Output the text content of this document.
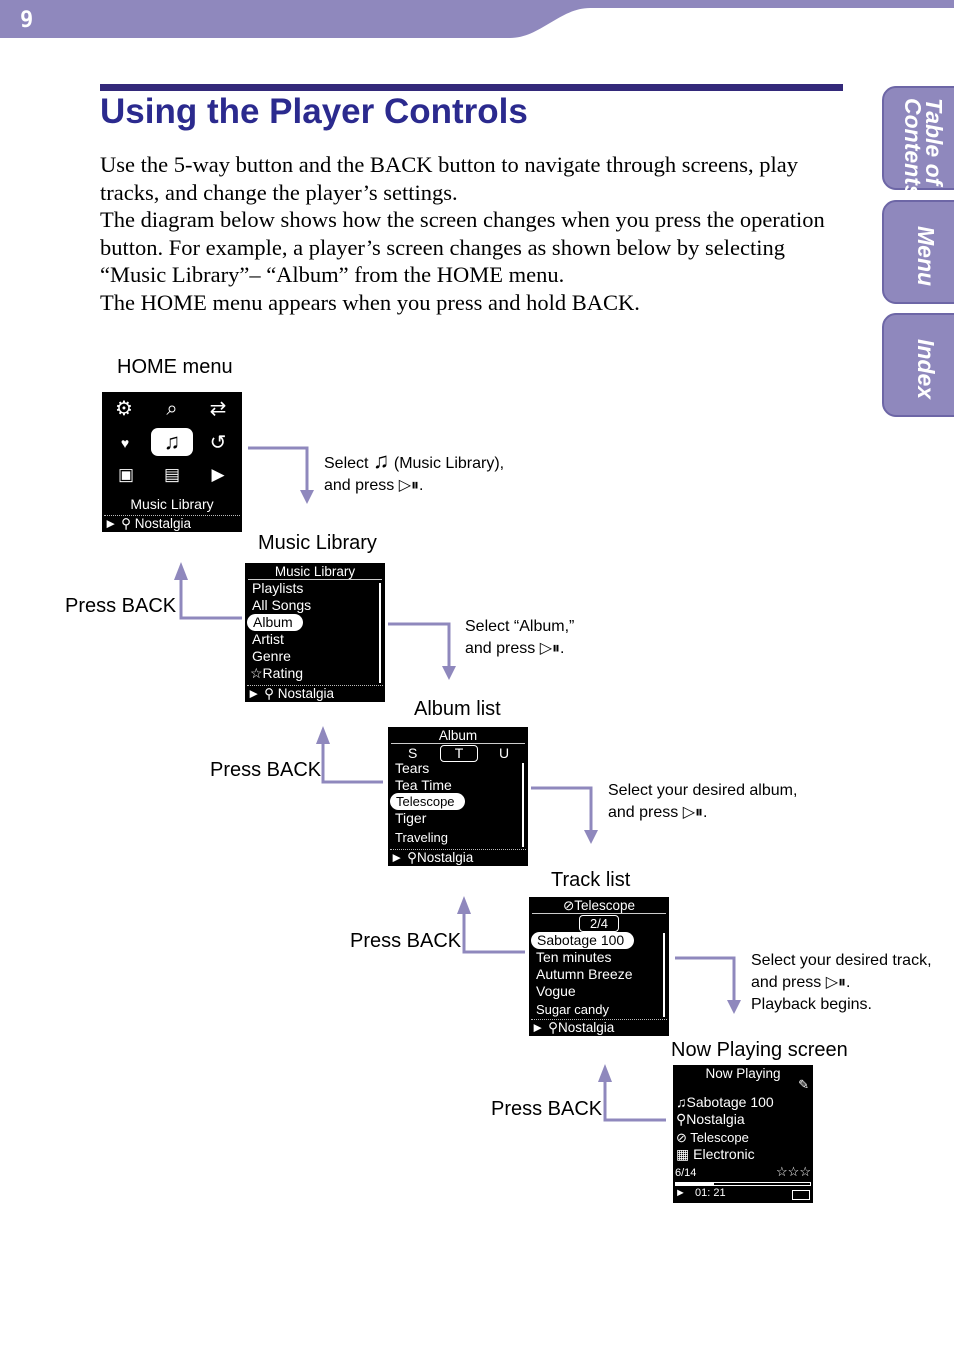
9
Using the Player Controls

Use the 5-way button and the BACK button to navigate through screens, play tracks, and change the player’s settings.

The diagram below shows how the screen changes when you press the operation button. For example, a player’s screen changes as shown below by selecting “Music Library”– “Album” from the HOME menu.

The HOME menu appears when you press and hold BACK.

Table of
Contents
Menu
Index
HOME menu
Music Library
Album list
Track list
Now Playing screen
Press BACK
Press BACK
Press BACK
Press BACK
Select ♫ (Music Library),
and press ▷⏸.
Select “Album,”
and press ▷⏸.
Select your desired album,
and press ▷⏸.
Select your desired track,
and press ▷⏸.
Playback begins.
⚙	⌕	⇄
♥	♫	↺
▣	▤	▶
Music Library
► ⚲ Nostalgia
Music Library
Playlists
All Songs
Album
Artist
Genre
☆Rating
► ⚲ Nostalgia
Album
S	T	U
Tears
Tea Time
Telescope
Tiger
Traveling
► ⚲Nostalgia
⊘Telescope
2/4
Sabotage 100
Ten minutes
Autumn Breeze
Vogue
Sugar candy
► ⚲Nostalgia
Now Playing
✎
♫Sabotage 100
⚲Nostalgia
⊘ Telescope
▦ Electronic
6/14	☆☆☆
►   01: 21
